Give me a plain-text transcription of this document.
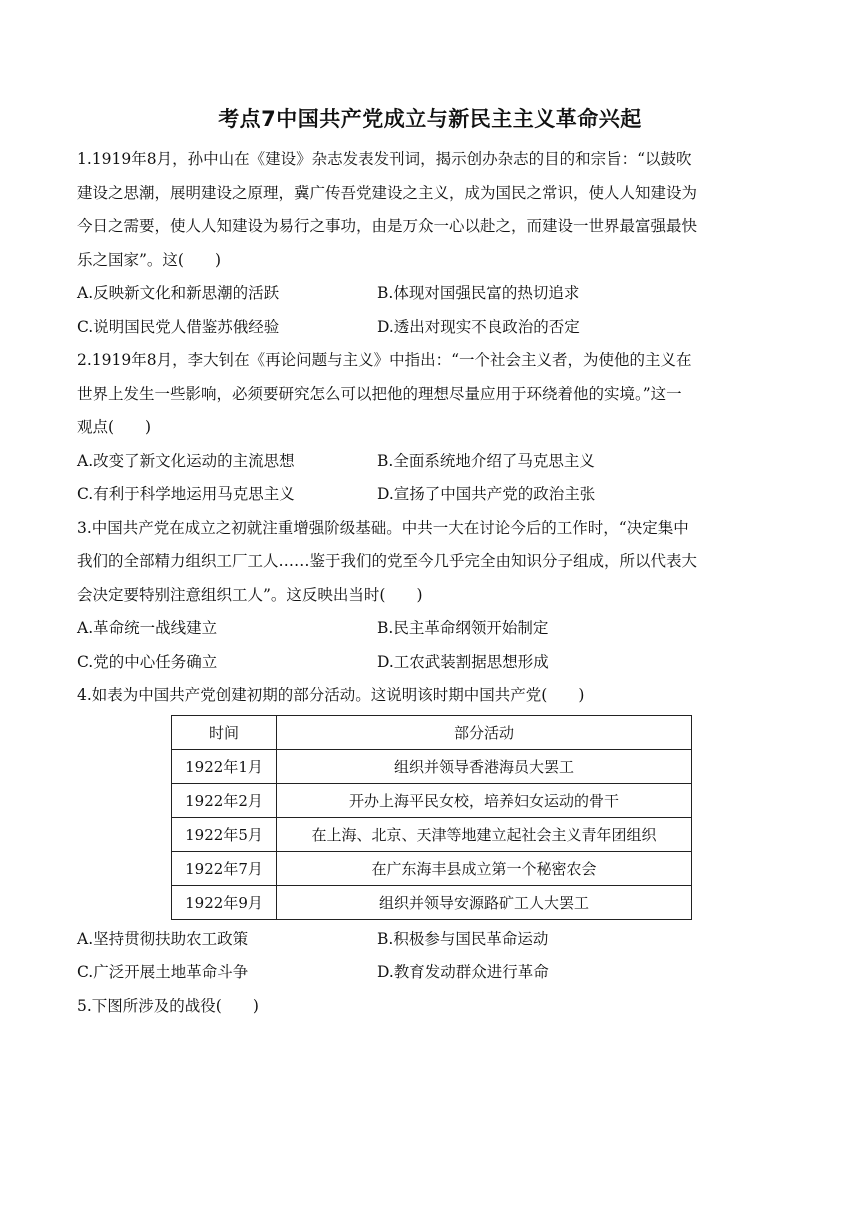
考点7中国共产党成立与新民主主义革命兴起
1.1919年8月，孙中山在《建设》杂志发表发刊词，揭示创办杂志的目的和宗旨：“以鼓吹
建设之思潮，展明建设之原理，冀广传吾党建设之主义，成为国民之常识，使人人知建设为
今日之需要，使人人知建设为易行之事功，由是万众一心以赴之，而建设一世界最富强最快
乐之国家”。这(　　)
A.反映新文化和新思潮的活跃	B.体现对国强民富的热切追求
C.说明国民党人借鉴苏俄经验	D.透出对现实不良政治的否定
2.1919年8月，李大钊在《再论问题与主义》中指出：“一个社会主义者，为使他的主义在
世界上发生一些影响，必须要研究怎么可以把他的理想尽量应用于环绕着他的实境。”这一
观点(　　)
A.改变了新文化运动的主流思想	B.全面系统地介绍了马克思主义
C.有利于科学地运用马克思主义	D.宣扬了中国共产党的政治主张
3.中国共产党在成立之初就注重增强阶级基础。中共一大在讨论今后的工作时，“决定集中
我们的全部精力组织工厂工人……鉴于我们的党至今几乎完全由知识分子组成，所以代表大
会决定要特别注意组织工人”。这反映出当时(　　)
A.革命统一战线建立	B.民主革命纲领开始制定
C.党的中心任务确立	D.工农武装割据思想形成
4.如表为中国共产党创建初期的部分活动。这说明该时期中国共产党(　　)
时间	部分活动
1922年1月	组织并领导香港海员大罢工
1922年2月	开办上海平民女校，培养妇女运动的骨干
1922年5月	在上海、北京、天津等地建立起社会主义青年团组织
1922年7月	在广东海丰县成立第一个秘密农会
1922年9月	组织并领导安源路矿工人大罢工
A.坚持贯彻扶助农工政策	B.积极参与国民革命运动
C.广泛开展土地革命斗争	D.教育发动群众进行革命
5.下图所涉及的战役(　　)
